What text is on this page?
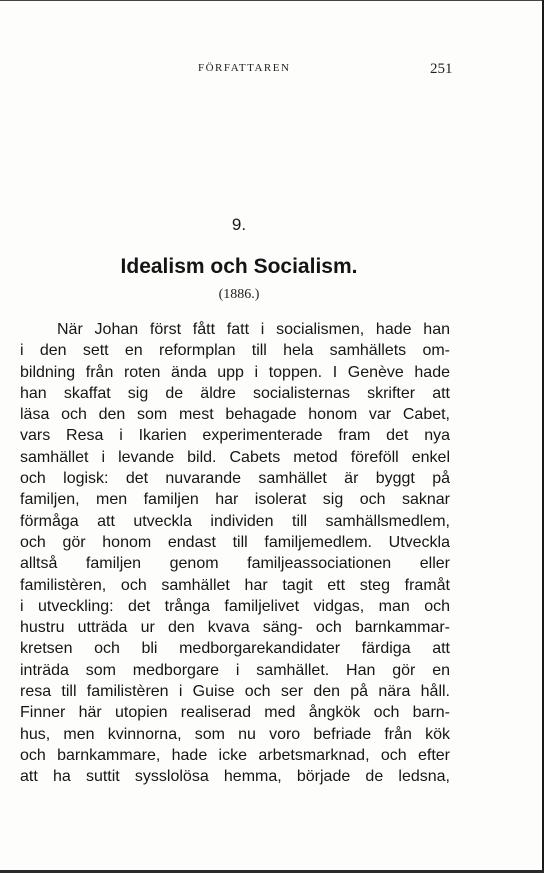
FÖRFATTAREN	251
9.
Idealism och Socialism.
(1886.)
När Johan först fått fatt i socialismen, hade han
i den sett en reformplan till hela samhällets om-
bildning från roten ända upp i toppen. I Genève hade
han skaffat sig de äldre socialisternas skrifter att
läsa och den som mest behagade honom var Cabet,
vars Resa i Ikarien experimenterade fram det nya
samhället i levande bild. Cabets metod föreföll enkel
och logisk: det nuvarande samhället är byggt på
familjen, men familjen har isolerat sig och saknar
förmåga att utveckla individen till samhällsmedlem,
och gör honom endast till familjemedlem. Utveckla
alltså familjen genom familjeassociationen eller
familistèren, och samhället har tagit ett steg framåt
i utveckling: det trånga familjelivet vidgas, man och
hustru utträda ur den kvava säng- och barnkammar-
kretsen och bli medborgarekandidater färdiga att
inträda som medborgare i samhället. Han gör en
resa till familistèren i Guise och ser den på nära håll.
Finner här utopien realiserad med ångkök och barn-
hus, men kvinnorna, som nu voro befriade från kök
och barnkammare, hade icke arbetsmarknad, och efter
att ha suttit sysslolösa hemma, började de ledsna,
